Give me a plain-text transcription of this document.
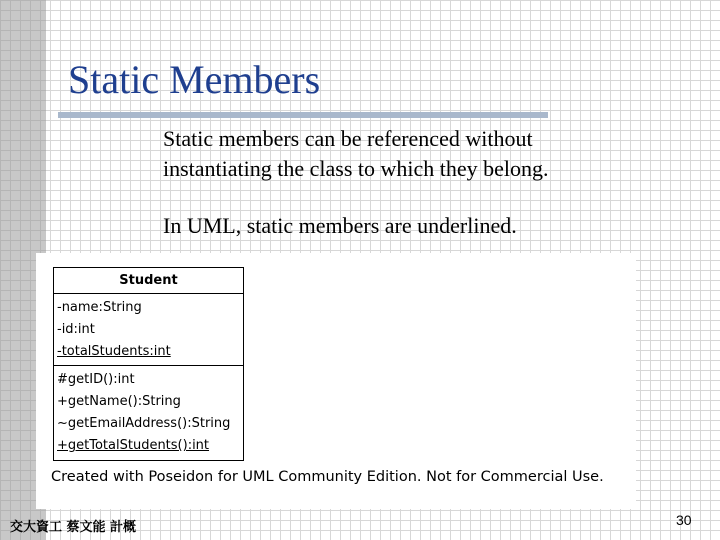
Static Members
Static members can be referenced without
instantiating the class to which they belong.
In UML, static members are underlined.
Student
-name:String
-id:int
-totalStudents:int
#getID():int
+getName():String
~getEmailAddress():String
+getTotalStudents():int
Created with Poseidon for UML Community Edition. Not for Commercial Use.
交大資工 蔡文能 計概	30
